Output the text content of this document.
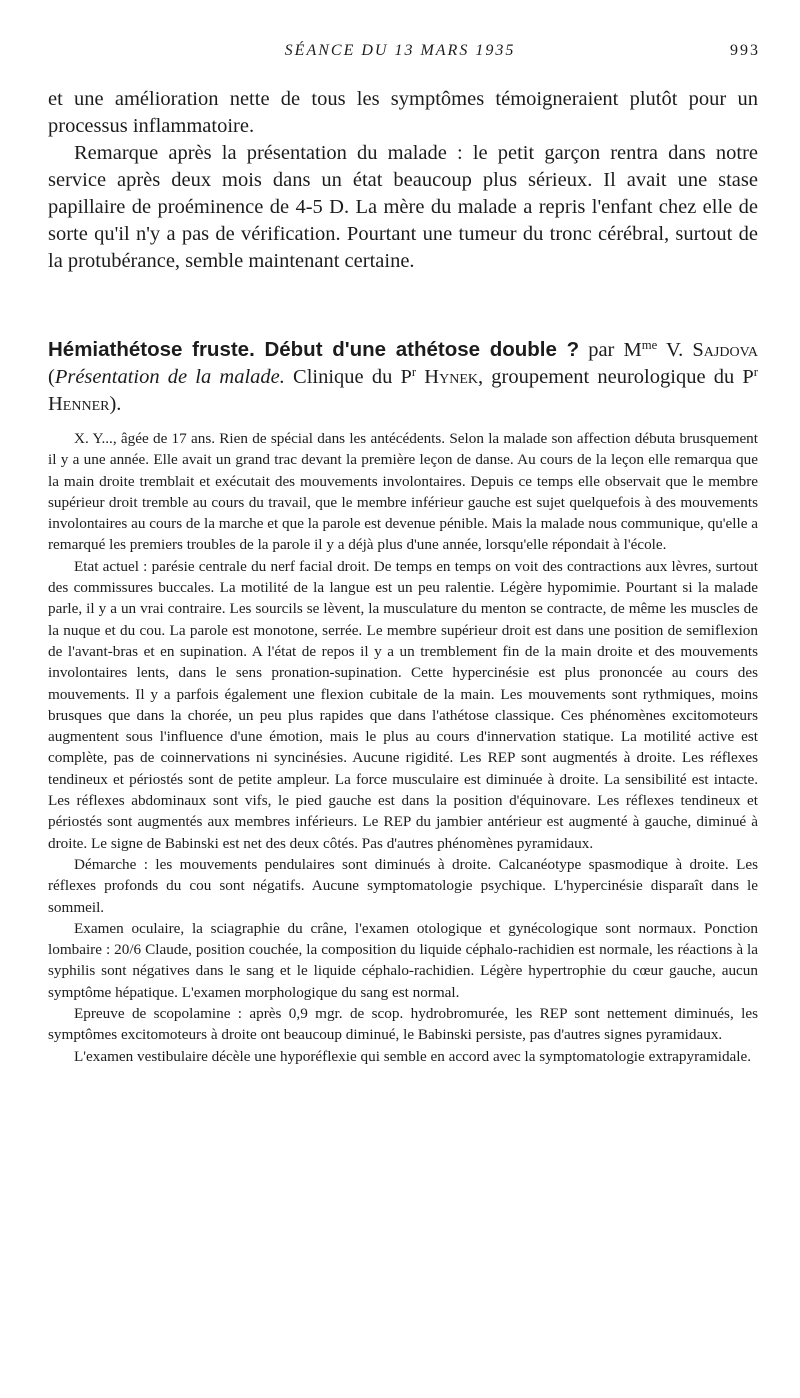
SÉANCE DU 13 MARS 1935	993

et une amélioration nette de tous les symptômes témoigneraient plutôt pour un processus inflammatoire.

Remarque après la présentation du malade : le petit garçon rentra dans notre service après deux mois dans un état beaucoup plus sérieux. Il avait une stase papillaire de proéminence de 4-5 D. La mère du malade a repris l'enfant chez elle de sorte qu'il n'y a pas de vérification. Pourtant une tumeur du tronc cérébral, surtout de la protubérance, semble maintenant certaine.

Hémiathétose fruste. Début d'une athétose double ? par $M^{me}$ V. Sajdova (Présentation de la malade. Clinique du $P^r$ Hynek, groupement neurologique du $P^r$ Henner).

X. Y..., âgée de 17 ans. Rien de spécial dans les antécédents. Selon la malade son affection débuta brusquement il y a une année. Elle avait un grand trac devant la première leçon de danse. Au cours de la leçon elle remarqua que la main droite tremblait et exécutait des mouvements involontaires. Depuis ce temps elle observait que le membre supérieur droit tremble au cours du travail, que le membre inférieur gauche est sujet quelquefois à des mouvements involontaires au cours de la marche et que la parole est devenue pénible. Mais la malade nous communique, qu'elle a remarqué les premiers troubles de la parole il y a déjà plus d'une année, lorsqu'elle répondait à l'école.

Etat actuel : parésie centrale du nerf facial droit. De temps en temps on voit des contractions aux lèvres, surtout des commissures buccales. La motilité de la langue est un peu ralentie. Légère hypomimie. Pourtant si la malade parle, il y a un vrai contraire. Les sourcils se lèvent, la musculature du menton se contracte, de même les muscles de la nuque et du cou. La parole est monotone, serrée. Le membre supérieur droit est dans une position de semiflexion de l'avant-bras et en supination. A l'état de repos il y a un tremblement fin de la main droite et des mouvements involontaires lents, dans le sens pronation-supination. Cette hypercinésie est plus prononcée au cours des mouvements. Il y a parfois également une flexion cubitale de la main. Les mouvements sont rythmiques, moins brusques que dans la chorée, un peu plus rapides que dans l'athétose classique. Ces phénomènes excitomoteurs augmentent sous l'influence d'une émotion, mais le plus au cours d'innervation statique. La motilité active est complète, pas de coinnervations ni syncinésies. Aucune rigidité. Les REP sont augmentés à droite. Les réflexes tendineux et périostés sont de petite ampleur. La force musculaire est diminuée à droite. La sensibilité est intacte. Les réflexes abdominaux sont vifs, le pied gauche est dans la position d'équinovare. Les réflexes tendineux et périostés sont augmentés aux membres inférieurs. Le REP du jambier antérieur est augmenté à gauche, diminué à droite. Le signe de Babinski est net des deux côtés. Pas d'autres phénomènes pyramidaux.

Démarche : les mouvements pendulaires sont diminués à droite. Calcanéotype spasmodique à droite. Les réflexes profonds du cou sont négatifs. Aucune symptomatologie psychique. L'hypercinésie disparaît dans le sommeil.

Examen oculaire, la sciagraphie du crâne, l'examen otologique et gynécologique sont normaux. Ponction lombaire : 20/6 Claude, position couchée, la composition du liquide céphalo-rachidien est normale, les réactions à la syphilis sont négatives dans le sang et le liquide céphalo-rachidien. Légère hypertrophie du cœur gauche, aucun symptôme hépatique. L'examen morphologique du sang est normal.

Epreuve de scopolamine : après 0,9 mgr. de scop. hydrobromurée, les REP sont nettement diminués, les symptômes excitomoteurs à droite ont beaucoup diminué, le Babinski persiste, pas d'autres signes pyramidaux.

L'examen vestibulaire décèle une hyporéflexie qui semble en accord avec la symptomatologie extrapyramidale.
